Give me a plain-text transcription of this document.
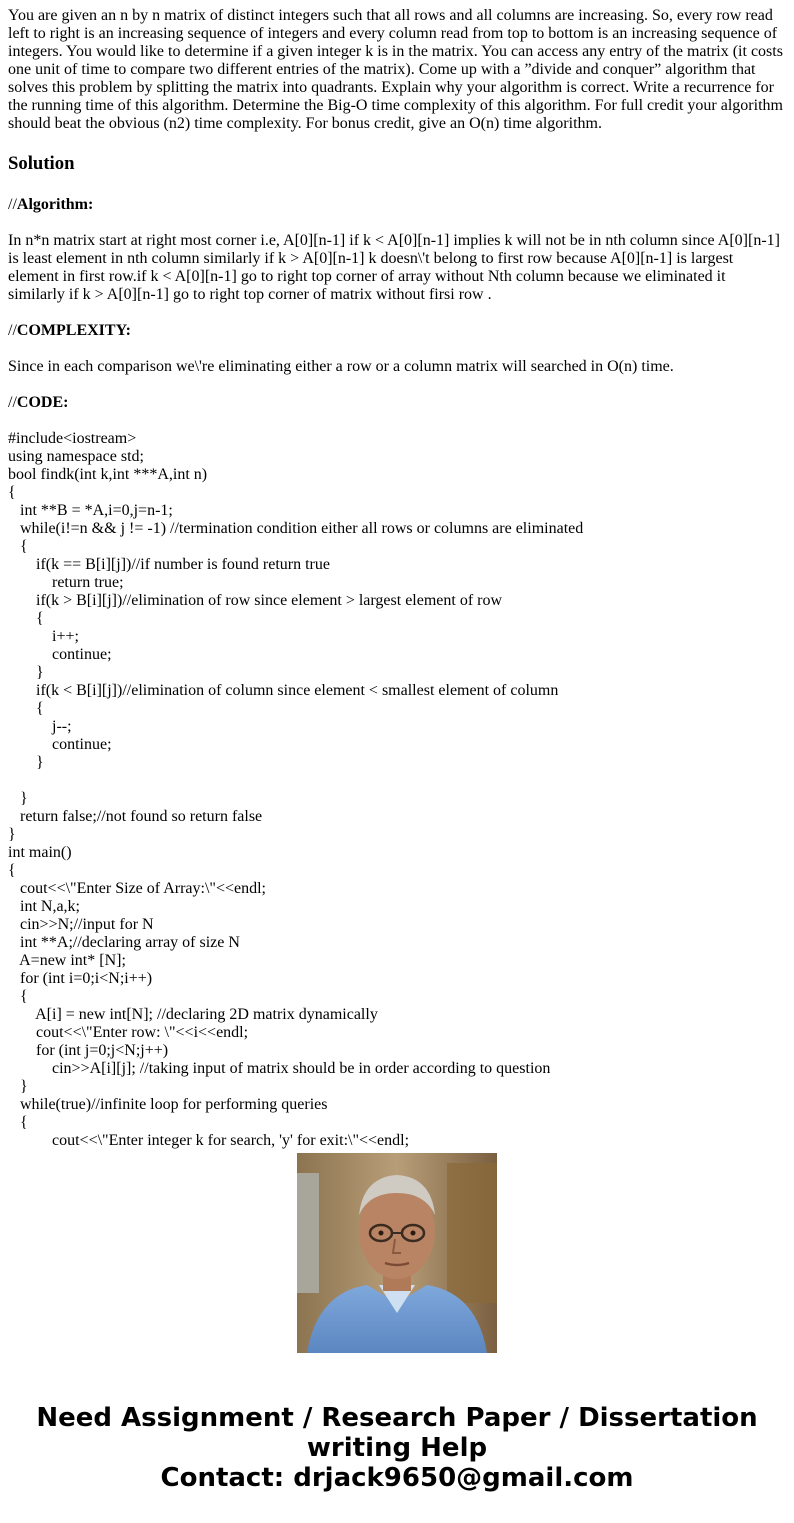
You are given an n by n matrix of distinct integers such that all rows and all columns are increasing. So, every row read left to right is an increasing sequence of integers and every column read from top to bottom is an increasing sequence of integers. You would like to determine if a given integer k is in the matrix. You can access any entry of the matrix (it costs one unit of time to compare two different entries of the matrix). Come up with a ”divide and conquer” algorithm that solves this problem by splitting the matrix into quadrants. Explain why your algorithm is correct. Write a recurrence for the running time of this algorithm. Determine the Big-O time complexity of this algorithm. For full credit your algorithm should beat the obvious (n2) time complexity. For bonus credit, give an O(n) time algorithm.

Solution
//Algorithm:

In n*n matrix start at right most corner i.e, A[0][n-1] if k < A[0][n-1] implies k will not be in nth column since A[0][n-1] is least element in nth column similarly if k > A[0][n-1] k doesn\'t belong to first row because A[0][n-1] is largest element in first row.if k < A[0][n-1] go to right top corner of array without Nth column because we eliminated it similarly if k > A[0][n-1] go to right top corner of matrix without firsi row .

//COMPLEXITY:

Since in each comparison we\'re eliminating either a row or a column matrix will searched in O(n) time.

//CODE:
#include<iostream>
using namespace std;
bool findk(int k,int ***A,int n)
{
int **B = *A,i=0,j=n-1;
while(i!=n && j != -1) //termination condition either all rows or columns are eliminated
{
if(k == B[i][j])//if number is found return true
return true;
if(k > B[i][j])//elimination of row since element > largest element of row
{
i++;
continue;
}
if(k < B[i][j])//elimination of column since element < smallest element of column
{
j--;
continue;
}
}
return false;//not found so return false
}
int main()
{
cout<<\"Enter Size of Array:\"<<endl;
int N,a,k;
cin>>N;//input for N
int **A;//declaring array of size N
A=new int* [N];
for (int i=0;i<N;i++)
{
A[i] = new int[N]; //declaring 2D matrix dynamically
cout<<\"Enter row: \"<<i<<endl;
for (int j=0;j<N;j++)
cin>>A[i][j]; //taking input of matrix should be in order according to question
}
while(true)//infinite loop for performing queries
{
cout<<\"Enter integer k for search, 'y' for exit:\"<<endl;
Need Assignment / Research Paper / Dissertation
writing Help
Contact: drjack9650@gmail.com
